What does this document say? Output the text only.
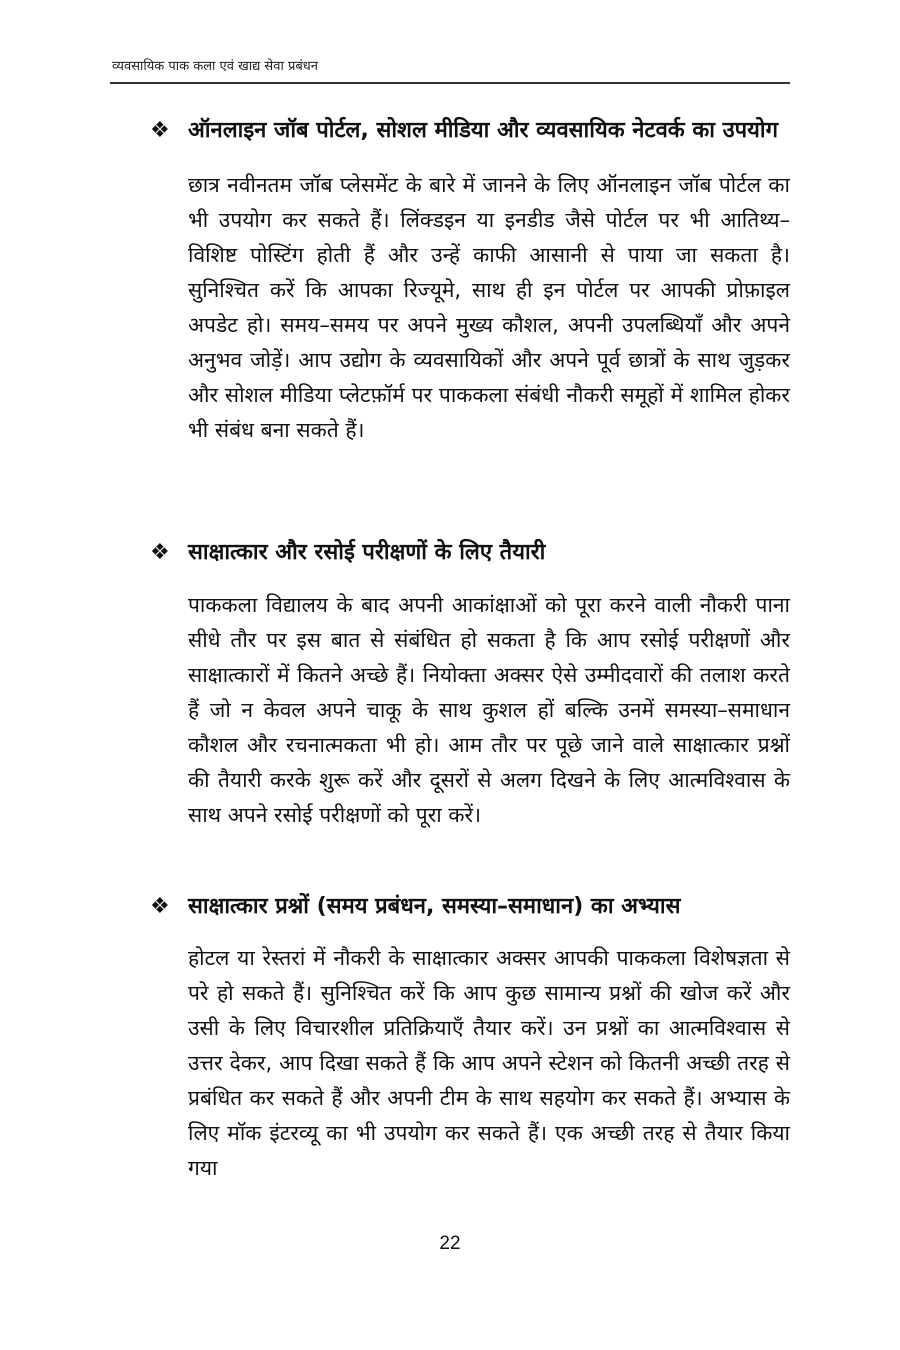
व्यवसायिक पाक कला एवं खाद्य सेवा प्रबंधन
❖ ऑनलाइन जॉब पोर्टल, सोशल मीडिया और व्यवसायिक नेटवर्क का उपयोग
छात्र नवीनतम जॉब प्लेसमेंट के बारे में जानने के लिए ऑनलाइन जॉब पोर्टल का भी उपयोग कर सकते हैं। लिंक्डइन या इनडीड जैसे पोर्टल पर भी आतिथ्य–विशिष्ट पोस्टिंग होती हैं और उन्हें काफी आसानी से पाया जा सकता है। सुनिश्चित करें कि आपका रिज्यूमे, साथ ही इन पोर्टल पर आपकी प्रोफ़ाइल अपडेट हो। समय–समय पर अपने मुख्य कौशल, अपनी उपलब्धियाँ और अपने अनुभव जोड़ें। आप उद्योग के व्यवसायिकों और अपने पूर्व छात्रों के साथ जुड़कर और सोशल मीडिया प्लेटफ़ॉर्म पर पाककला संबंधी नौकरी समूहों में शामिल होकर भी संबंध बना सकते हैं।
❖ साक्षात्कार और रसोई परीक्षणों के लिए तैयारी
पाककला विद्यालय के बाद अपनी आकांक्षाओं को पूरा करने वाली नौकरी पाना सीधे तौर पर इस बात से संबंधित हो सकता है कि आप रसोई परीक्षणों और साक्षात्कारों में कितने अच्छे हैं। नियोक्ता अक्सर ऐसे उम्मीदवारों की तलाश करते हैं जो न केवल अपने चाकू के साथ कुशल हों बल्कि उनमें समस्या–समाधान कौशल और रचनात्मकता भी हो। आम तौर पर पूछे जाने वाले साक्षात्कार प्रश्नों की तैयारी करके शुरू करें और दूसरों से अलग दिखने के लिए आत्मविश्वास के साथ अपने रसोई परीक्षणों को पूरा करें।
❖ साक्षात्कार प्रश्नों (समय प्रबंधन, समस्या–समाधान) का अभ्यास
होटल या रेस्तरां में नौकरी के साक्षात्कार अक्सर आपकी पाककला विशेषज्ञता से परे हो सकते हैं। सुनिश्चित करें कि आप कुछ सामान्य प्रश्नों की खोज करें और उसी के लिए विचारशील प्रतिक्रियाएँ तैयार करें। उन प्रश्नों का आत्मविश्वास से उत्तर देकर, आप दिखा सकते हैं कि आप अपने स्टेशन को कितनी अच्छी तरह से प्रबंधित कर सकते हैं और अपनी टीम के साथ सहयोग कर सकते हैं। अभ्यास के लिए मॉक इंटरव्यू का भी उपयोग कर सकते हैं। एक अच्छी तरह से तैयार किया गया
22
